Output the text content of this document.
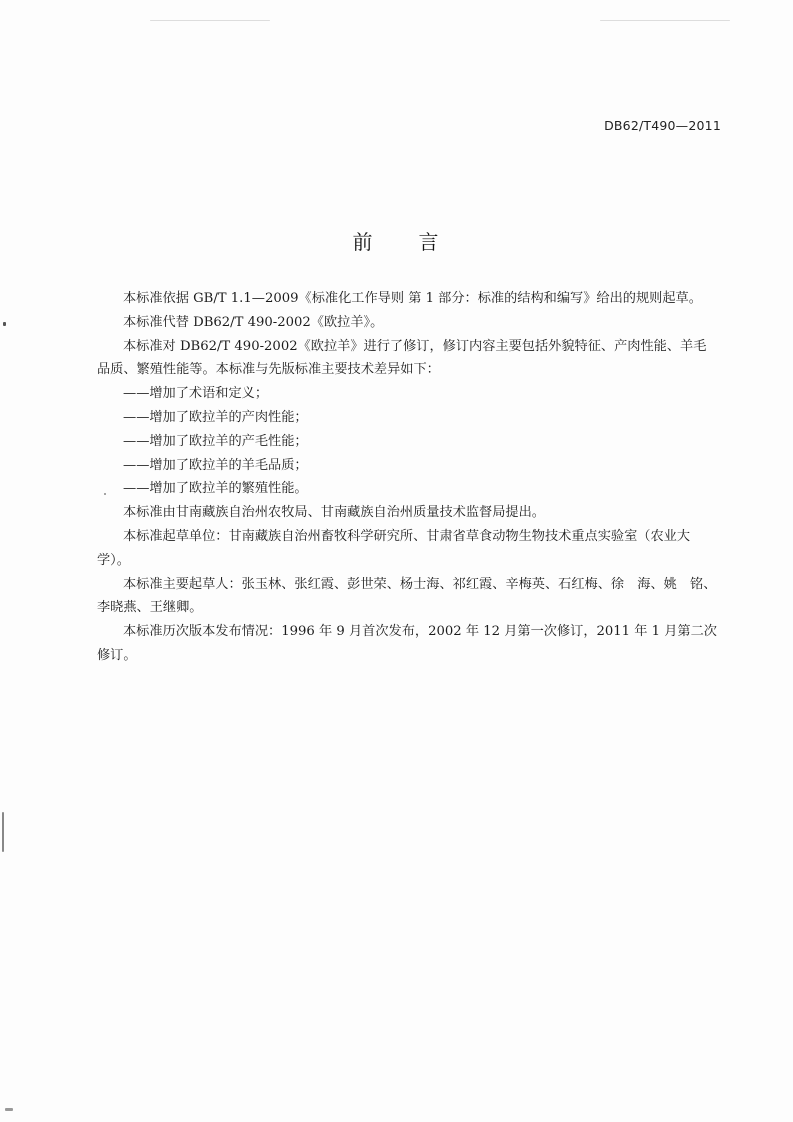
DB62/T490—2011
前 言

本标准依据 GB/T 1.1—2009《标准化工作导则 第 1 部分：标准的结构和编写》给出的规则起草。

本标准代替 DB62/T 490-2002《欧拉羊》。

本标准对 DB62/T 490-2002《欧拉羊》进行了修订，修订内容主要包括外貌特征、产肉性能、羊毛品质、繁殖性能等。本标准与先版标准主要技术差异如下：

——增加了术语和定义；

——增加了欧拉羊的产肉性能；

——增加了欧拉羊的产毛性能；

——增加了欧拉羊的羊毛品质；

——增加了欧拉羊的繁殖性能。

本标准由甘南藏族自治州农牧局、甘南藏族自治州质量技术监督局提出。

本标准起草单位：甘南藏族自治州畜牧科学研究所、甘肃省草食动物生物技术重点实验室（农业大学）。

本标准主要起草人：张玉林、张红霞、彭世荣、杨士海、祁红霞、辛梅英、石红梅、徐　海、姚　铭、李晓燕、王继卿。

本标准历次版本发布情况：1996 年 9 月首次发布，2002 年 12 月第一次修订，2011 年 1 月第二次修订。
